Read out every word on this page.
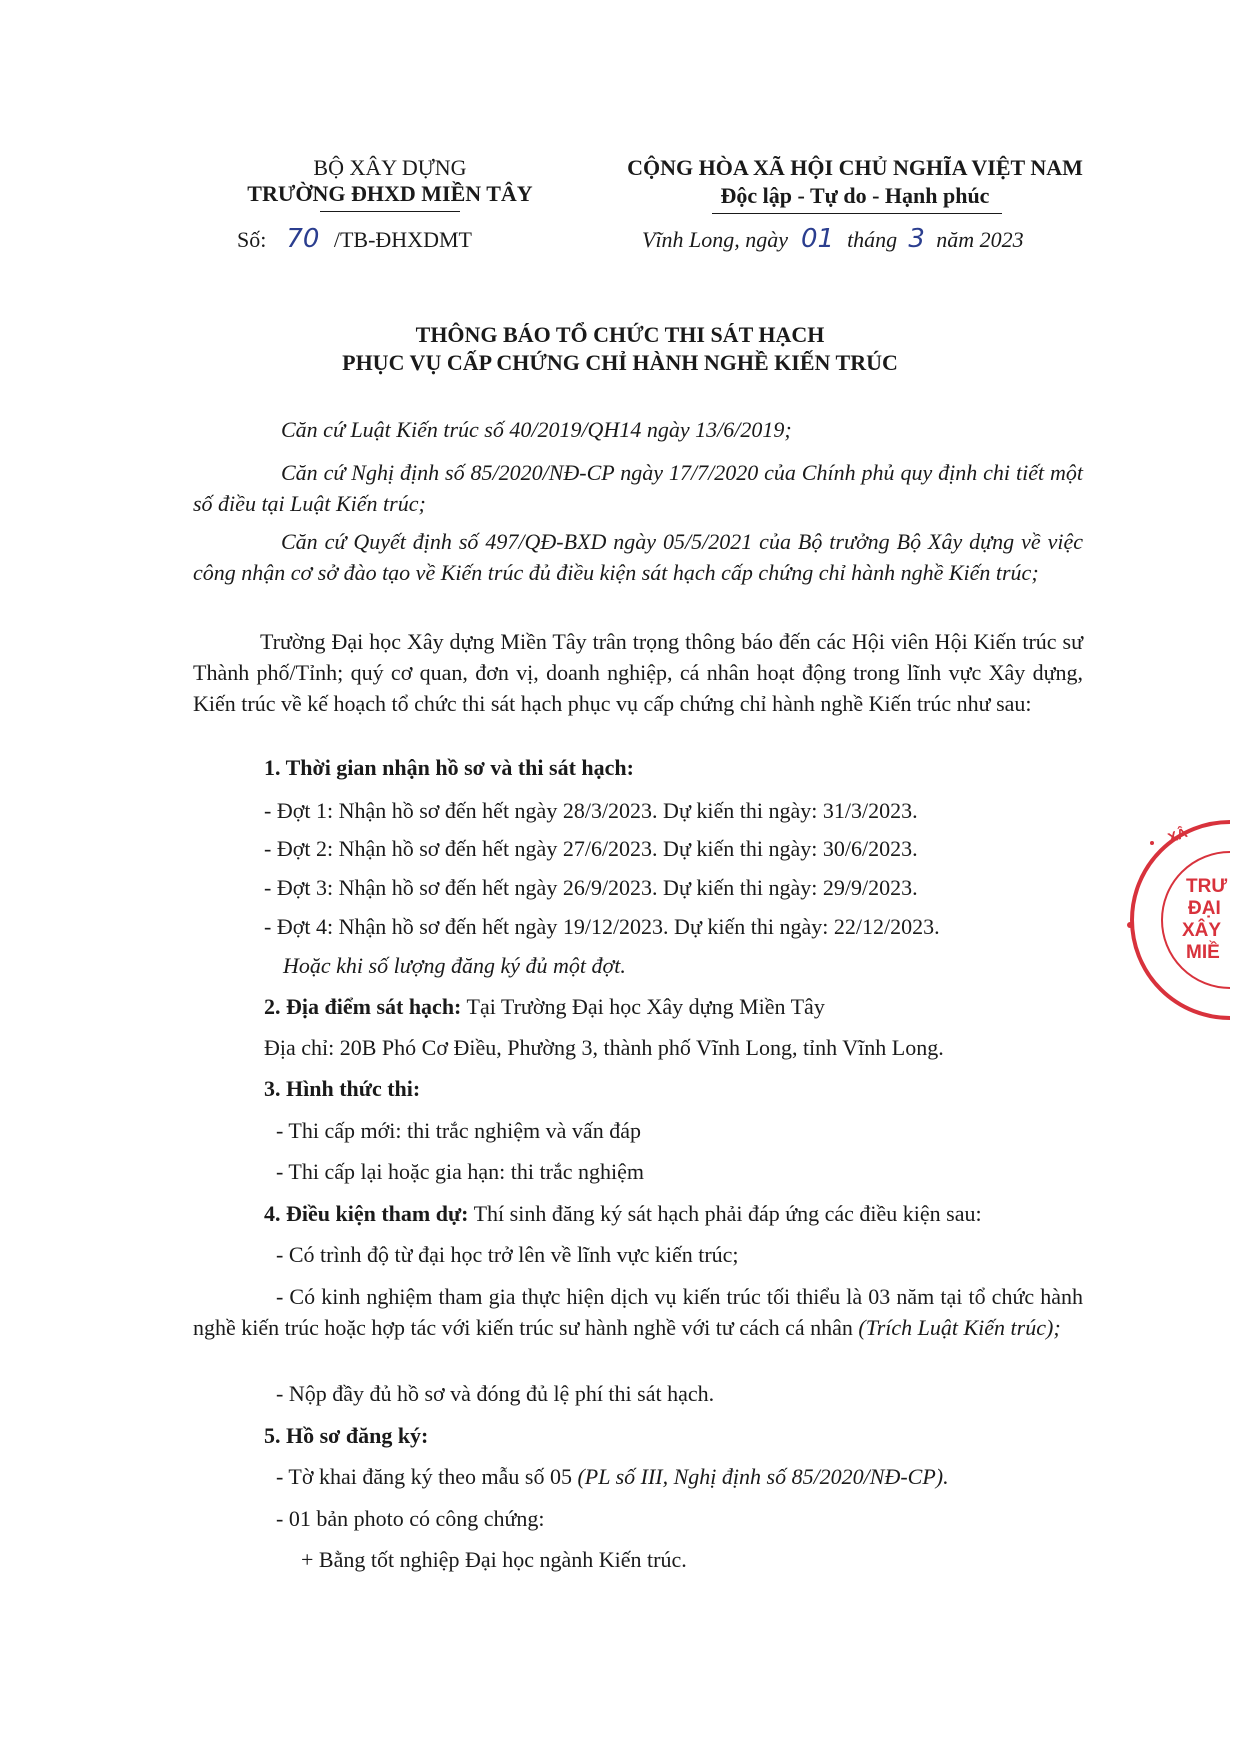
BỘ XÂY DỰNG
TRƯỜNG ĐHXD MIỀN TÂY
Số: 70 /TB-ĐHXDMT
CỘNG HÒA XÃ HỘI CHỦ NGHĨA VIỆT NAM
Độc lập - Tự do - Hạnh phúc
Vĩnh Long, ngày 01 tháng 3 năm 2023
THÔNG BÁO TỔ CHỨC THI SÁT HẠCH
PHỤC VỤ CẤP CHỨNG CHỈ HÀNH NGHỀ KIẾN TRÚC
Căn cứ Luật Kiến trúc số 40/2019/QH14 ngày 13/6/2019;
Căn cứ Nghị định số 85/2020/NĐ-CP ngày 17/7/2020 của Chính phủ quy định chi tiết một số điều tại Luật Kiến trúc;
Căn cứ Quyết định số 497/QĐ-BXD ngày 05/5/2021 của Bộ trưởng Bộ Xây dựng về việc công nhận cơ sở đào tạo về Kiến trúc đủ điều kiện sát hạch cấp chứng chỉ hành nghề Kiến trúc;
Trường Đại học Xây dựng Miền Tây trân trọng thông báo đến các Hội viên Hội Kiến trúc sư Thành phố/Tỉnh; quý cơ quan, đơn vị, doanh nghiệp, cá nhân hoạt động trong lĩnh vực Xây dựng, Kiến trúc về kế hoạch tổ chức thi sát hạch phục vụ cấp chứng chỉ hành nghề Kiến trúc như sau:
1. Thời gian nhận hồ sơ và thi sát hạch:
- Đợt 1: Nhận hồ sơ đến hết ngày 28/3/2023. Dự kiến thi ngày: 31/3/2023.
- Đợt 2: Nhận hồ sơ đến hết ngày 27/6/2023. Dự kiến thi ngày: 30/6/2023.
- Đợt 3: Nhận hồ sơ đến hết ngày 26/9/2023. Dự kiến thi ngày: 29/9/2023.
- Đợt 4: Nhận hồ sơ đến hết ngày 19/12/2023. Dự kiến thi ngày: 22/12/2023.
Hoặc khi số lượng đăng ký đủ một đợt.
2. Địa điểm sát hạch: Tại Trường Đại học Xây dựng Miền Tây
Địa chỉ: 20B Phó Cơ Điều, Phường 3, thành phố Vĩnh Long, tỉnh Vĩnh Long.
3. Hình thức thi:
- Thi cấp mới: thi trắc nghiệm và vấn đáp
- Thi cấp lại hoặc gia hạn: thi trắc nghiệm
4. Điều kiện tham dự: Thí sinh đăng ký sát hạch phải đáp ứng các điều kiện sau:
- Có trình độ từ đại học trở lên về lĩnh vực kiến trúc;
- Có kinh nghiệm tham gia thực hiện dịch vụ kiến trúc tối thiểu là 03 năm tại tổ chức hành nghề kiến trúc hoặc hợp tác với kiến trúc sư hành nghề với tư cách cá nhân (Trích Luật Kiến trúc);
- Nộp đầy đủ hồ sơ và đóng đủ lệ phí thi sát hạch.
5. Hồ sơ đăng ký:
- Tờ khai đăng ký theo mẫu số 05 (PL số III, Nghị định số 85/2020/NĐ-CP).
- 01 bản photo có công chứng:
+ Bằng tốt nghiệp Đại học ngành Kiến trúc.
XÂ
TRƯ
ĐẠI
XÂY
MIỀ
